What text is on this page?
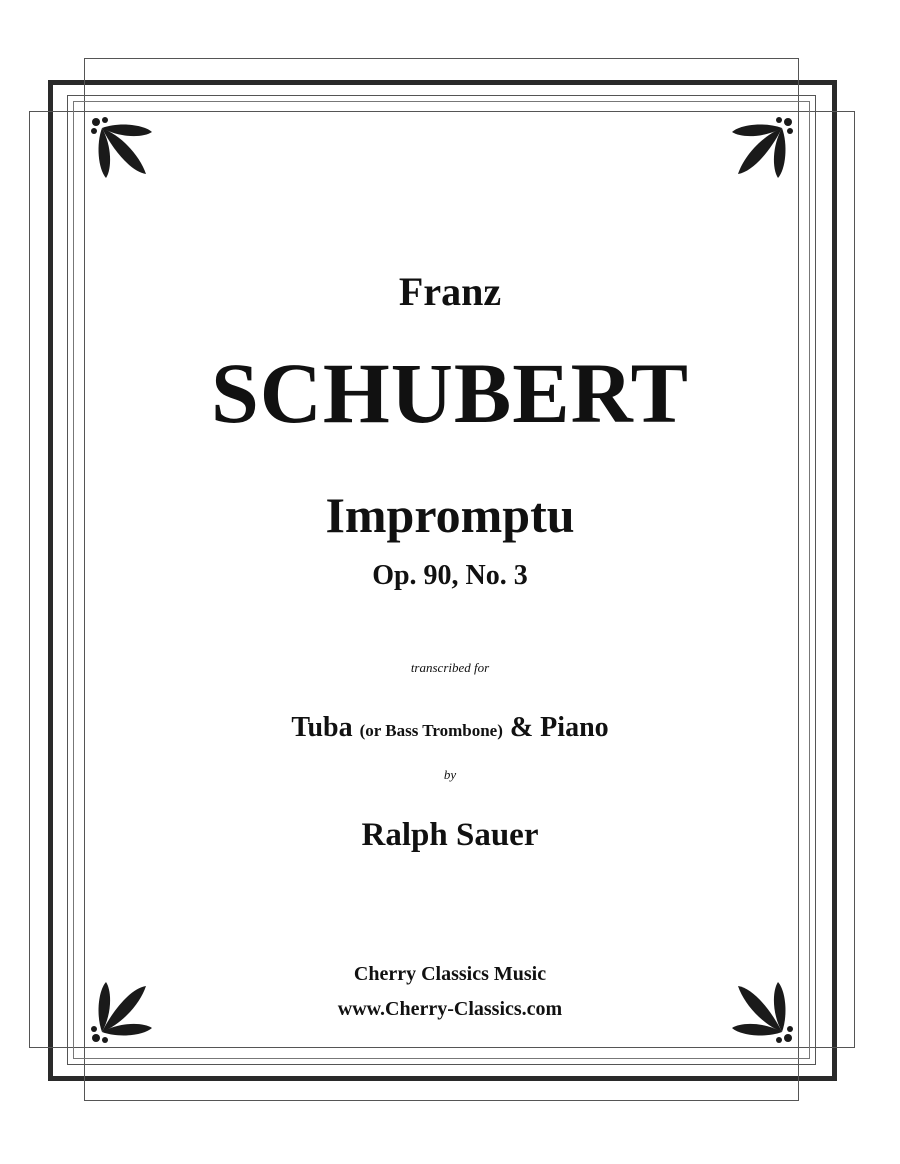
Franz
SCHUBERT
Impromptu
Op. 90, No. 3
transcribed for
Tuba (or Bass Trombone) & Piano
by
Ralph Sauer
Cherry Classics Music
www.Cherry-Classics.com
